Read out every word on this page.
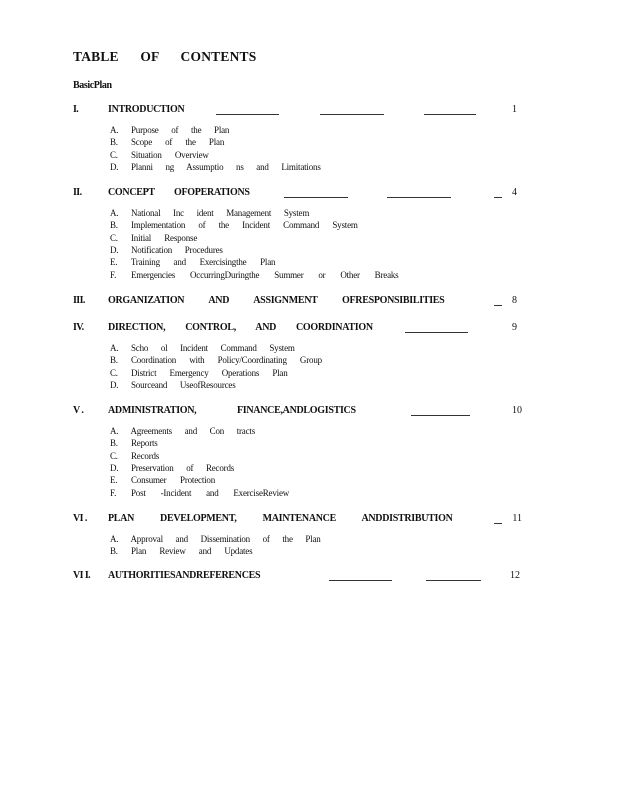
TABLE OF CONTENTS
BasicPlan
I.	INTRODUCTION	1
A. Purpose of the Plan
B. Scope of the Plan
C. Situation Overview
D. Planni ng Assumptio ns and Limitations
II.	CONCEPT OFOPERATIONS	4
A. National Inc ident Management System
B. Implementation of the Incident Command System
C. Initial Response
D. Notification Procedures
E. Training and Exercisingthe Plan
F. Emergencies OccurringDuringthe Summer or Other Breaks
III. ORGANIZATION AND ASSIGNMENT OFRESPONSIBILITIES	8
IV. DIRECTION, CONTROL, AND COORDINATION	9
A. Scho ol Incident Command System
B. Coordination with Policy/Coordinating Group
C. District Emergency Operations Plan
D. Sourceand UseofResources
V . ADMINISTRATION, FINANCE,ANDLOGISTICS	10
A. Agreements and Con tracts
B. Reports
C. Records
D. Preservation of Records
E. Consumer Protection
F. Post -Incident and ExerciseReview
VI . PLAN DEVELOPMENT, MAINTENANCE ANDDISTRIBUTION	11
A. Approval and Dissemination of the Plan
B. Plan Review and Updates
VI I. AUTHORITIESANDREFERENCES	12
